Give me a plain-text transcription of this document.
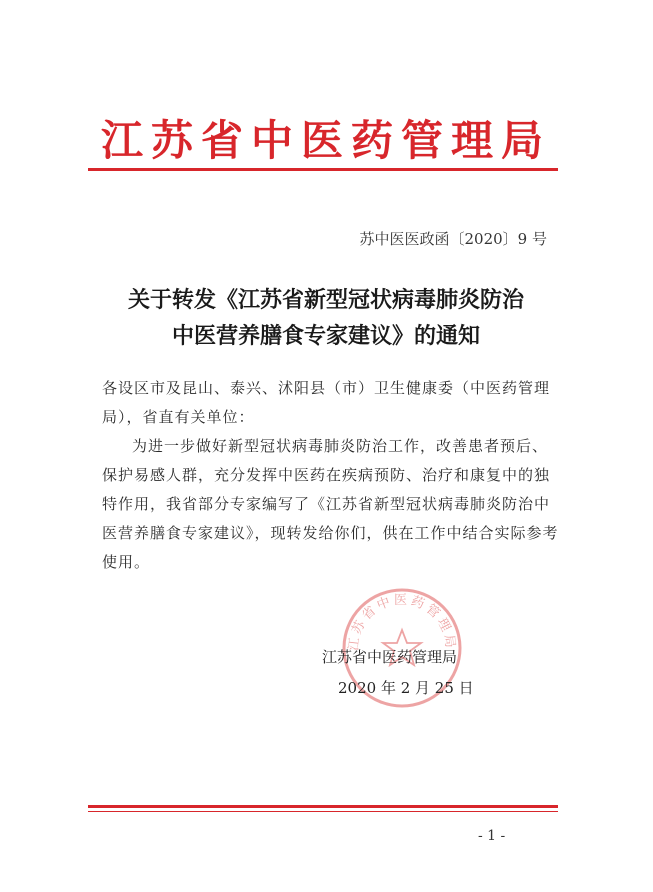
江苏省中医药管理局
苏中医医政函〔2020〕9 号
关于转发《江苏省新型冠状病毒肺炎防治
中医营养膳食专家建议》的通知

各设区市及昆山、泰兴、沭阳县（市）卫生健康委（中医药管理局），省直有关单位：

为进一步做好新型冠状病毒肺炎防治工作，改善患者预后、保护易感人群，充分发挥中医药在疾病预防、治疗和康复中的独特作用，我省部分专家编写了《江苏省新型冠状病毒肺炎防治中医营养膳食专家建议》，现转发给你们，供在工作中结合实际参考使用。

江苏省中医药管理局
江苏省中医药管理局
2020 年 2 月 25 日
- 1 -
